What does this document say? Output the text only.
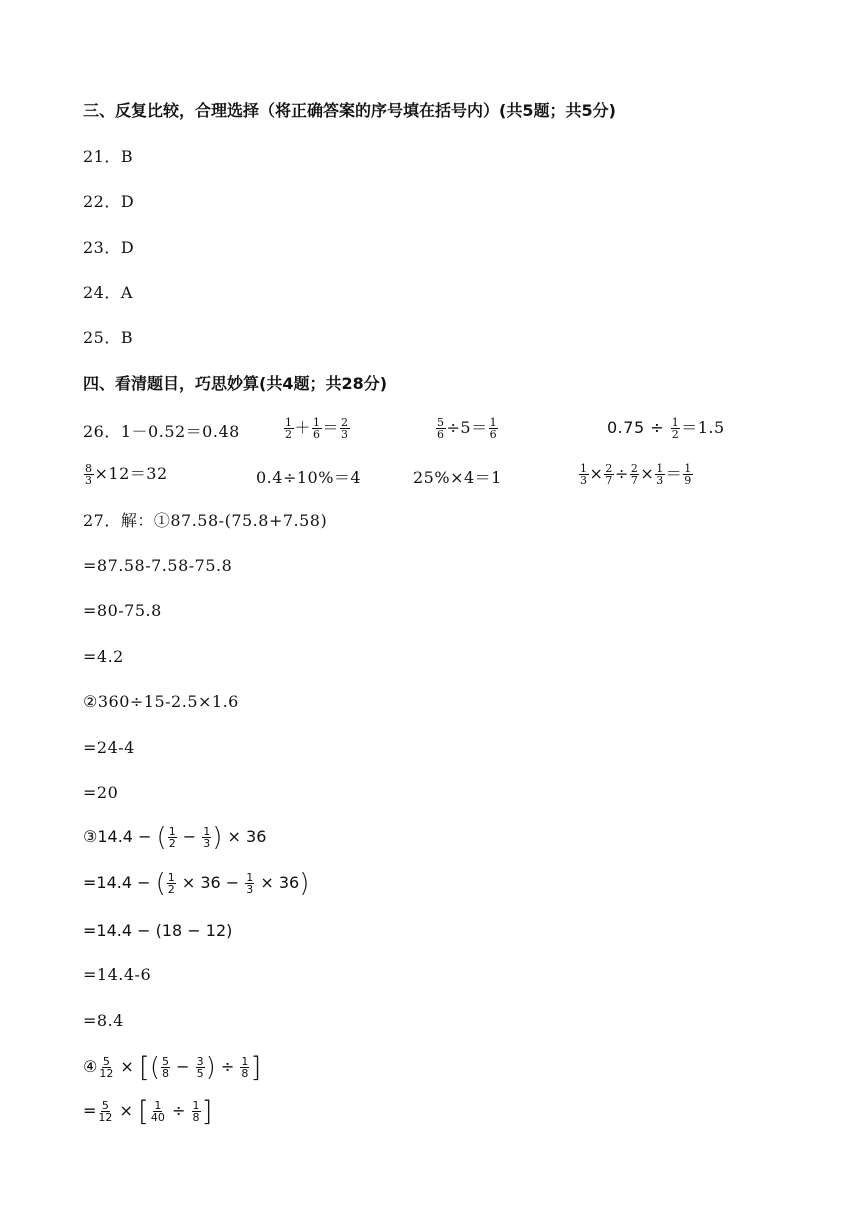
三、反复比较，合理选择（将正确答案的序号填在括号内）(共5题；共5分)
21．B
22．D
23．D
24．A
25．B
四、看清题目，巧思妙算(共4题；共28分)
26．1－0.52＝0.48	$\frac{1}{2} + \frac{1}{6} = \frac{2}{3}$	$\frac{5}{6} \div 5= \frac{1}{6}$	$0.75 \div \frac{1}{2} =1.5$
$\frac{8}{3} \times 12=32$	0.4÷10%＝4	25%×4＝1	$\frac{1}{3} \times \frac{2}{7} \div \frac{2}{7} \times \frac{1}{3} = \frac{1}{9}$
27．解：①87.58-(75.8+7.58)
=87.58-7.58-75.8
=80-75.8
=4.2
②360÷15-2.5×1.6
=24-4
=20
③14.4 − ( $\frac{1}{2} - \frac{1}{3}$ ) × 36
=14.4 − ( $\frac{1}{2} \times 36 - \frac{1}{3} \times 36$)
=14.4 − (18 − 12)
=14.4-6
=8.4
④ $\frac{5}{12}$ × [( $\frac{5}{8} - \frac{3}{5}$ ) ÷ $\frac{1}{8}$ ]
= $\frac{5}{12}$ × [ $\frac{1}{40} \div \frac{1}{8}$ ]
